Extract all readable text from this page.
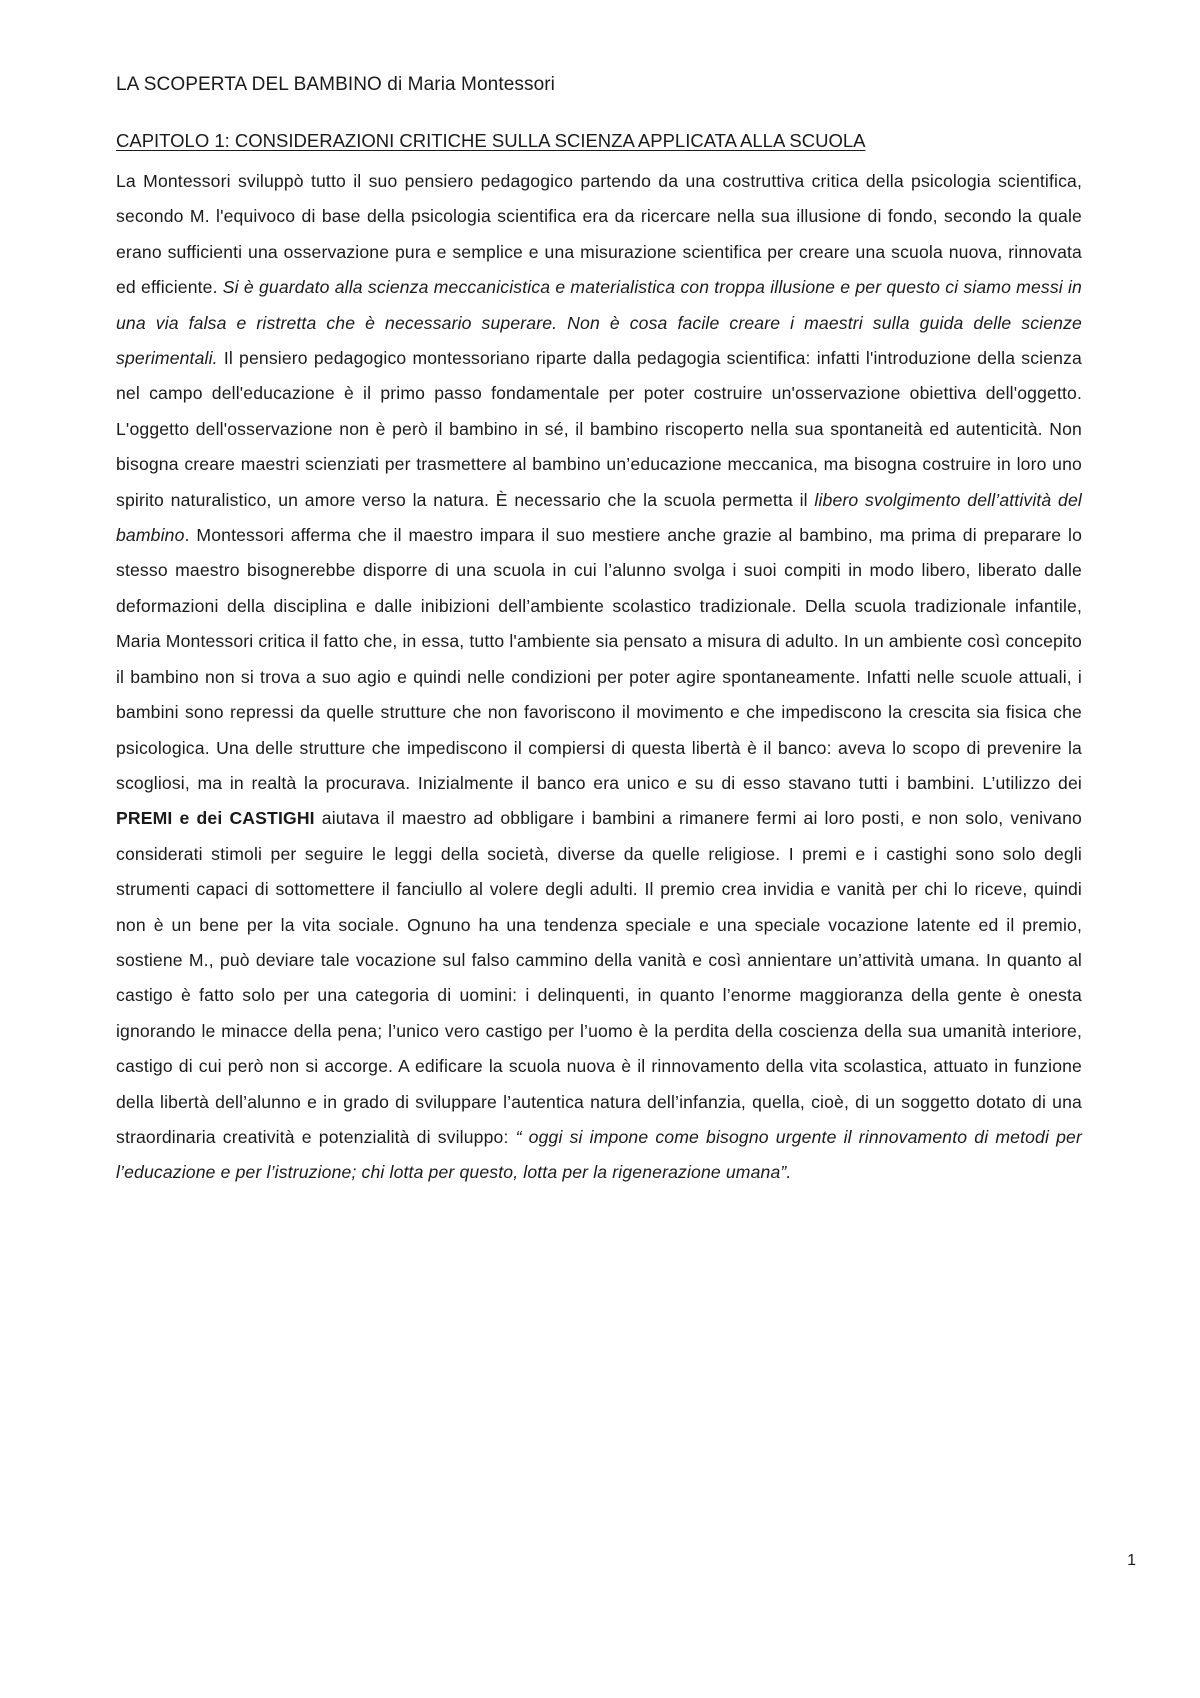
LA SCOPERTA DEL BAMBINO di Maria Montessori
CAPITOLO 1: CONSIDERAZIONI CRITICHE SULLA SCIENZA APPLICATA ALLA SCUOLA

La Montessori sviluppò tutto il suo pensiero pedagogico partendo da una costruttiva critica della psicologia scientifica, secondo M. l'equivoco di base della psicologia scientifica era da ricercare nella sua illusione di fondo, secondo la quale erano sufficienti una osservazione pura e semplice e una misurazione scientifica per creare una scuola nuova, rinnovata ed efficiente. Si è guardato alla scienza meccanicistica e materialistica con troppa illusione e per questo ci siamo messi in una via falsa e ristretta che è necessario superare. Non è cosa facile creare i maestri sulla guida delle scienze sperimentali. Il pensiero pedagogico montessoriano riparte dalla pedagogia scientifica: infatti l'introduzione della scienza nel campo dell'educazione è il primo passo fondamentale per poter costruire un'osservazione obiettiva dell'oggetto. L'oggetto dell'osservazione non è però il bambino in sé, il bambino riscoperto nella sua spontaneità ed autenticità. Non bisogna creare maestri scienziati per trasmettere al bambino un’educazione meccanica, ma bisogna costruire in loro uno spirito naturalistico, un amore verso la natura. È necessario che la scuola permetta il libero svolgimento dell’attività del bambino. Montessori afferma che il maestro impara il suo mestiere anche grazie al bambino, ma prima di preparare lo stesso maestro bisognerebbe disporre di una scuola in cui l’alunno svolga i suoi compiti in modo libero, liberato dalle deformazioni della disciplina e dalle inibizioni dell’ambiente scolastico tradizionale. Della scuola tradizionale infantile, Maria Montessori critica il fatto che, in essa, tutto l'ambiente sia pensato a misura di adulto. In un ambiente così concepito il bambino non si trova a suo agio e quindi nelle condizioni per poter agire spontaneamente. Infatti nelle scuole attuali, i bambini sono repressi da quelle strutture che non favoriscono il movimento e che impediscono la crescita sia fisica che psicologica. Una delle strutture che impediscono il compiersi di questa libertà è il banco: aveva lo scopo di prevenire la scogliosi, ma in realtà la procurava. Inizialmente il banco era unico e su di esso stavano tutti i bambini. L’utilizzo dei PREMI e dei CASTIGHI aiutava il maestro ad obbligare i bambini a rimanere fermi ai loro posti, e non solo, venivano considerati stimoli per seguire le leggi della società, diverse da quelle religiose. I premi e i castighi sono solo degli strumenti capaci di sottomettere il fanciullo al volere degli adulti. Il premio crea invidia e vanità per chi lo riceve, quindi non è un bene per la vita sociale. Ognuno ha una tendenza speciale e una speciale vocazione latente ed il premio, sostiene M., può deviare tale vocazione sul falso cammino della vanità e così annientare un’attività umana. In quanto al castigo è fatto solo per una categoria di uomini: i delinquenti, in quanto l’enorme maggioranza della gente è onesta ignorando le minacce della pena; l’unico vero castigo per l’uomo è la perdita della coscienza della sua umanità interiore, castigo di cui però non si accorge. A edificare la scuola nuova è il rinnovamento della vita scolastica, attuato in funzione della libertà dell’alunno e in grado di sviluppare l’autentica natura dell’infanzia, quella, cioè, di un soggetto dotato di una straordinaria creatività e potenzialità di sviluppo: “ oggi si impone come bisogno urgente il rinnovamento di metodi per l’educazione e per l’istruzione; chi lotta per questo, lotta per la rigenerazione umana”.

1
